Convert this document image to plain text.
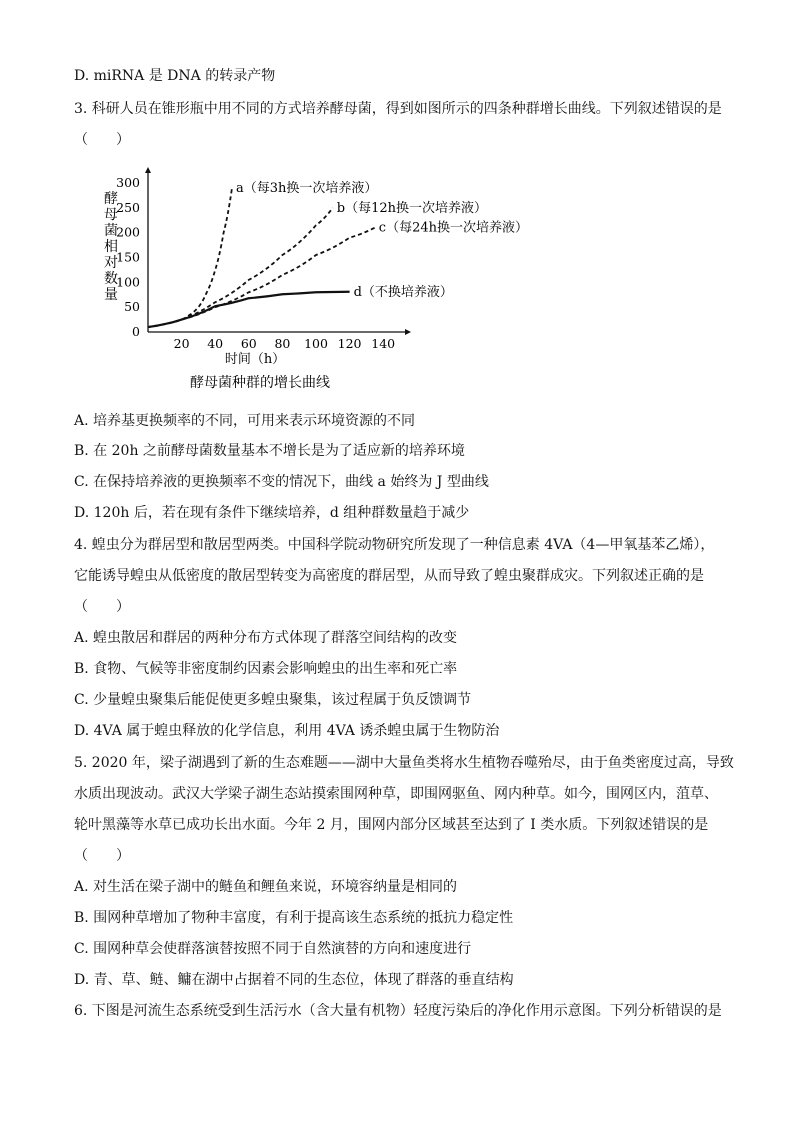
D. miRNA 是 DNA 的转录产物
3. 科研人员在锥形瓶中用不同的方式培养酵母菌，得到如图所示的四条种群增长曲线。下列叙述错误的是
（　　）
A. 培养基更换频率的不同，可用来表示环境资源的不同
B. 在 20h 之前酵母菌数量基本不增长是为了适应新的培养环境
C. 在保持培养液的更换频率不变的情况下，曲线 a 始终为 J 型曲线
D. 120h 后，若在现有条件下继续培养，d 组种群数量趋于减少
4. 蝗虫分为群居型和散居型两类。中国科学院动物研究所发现了一种信息素 4VA（4—甲氧基苯乙烯），
它能诱导蝗虫从低密度的散居型转变为高密度的群居型，从而导致了蝗虫聚群成灾。下列叙述正确的是
（　　）
A. 蝗虫散居和群居的两种分布方式体现了群落空间结构的改变
B. 食物、气候等非密度制约因素会影响蝗虫的出生率和死亡率
C. 少量蝗虫聚集后能促使更多蝗虫聚集，该过程属于负反馈调节
D. 4VA 属于蝗虫释放的化学信息，利用 4VA 诱杀蝗虫属于生物防治
5. 2020 年，梁子湖遇到了新的生态难题——湖中大量鱼类将水生植物吞噬殆尽，由于鱼类密度过高，导致
水质出现波动。武汉大学梁子湖生态站摸索围网种草，即围网驱鱼、网内种草。如今，围网区内，菹草、
轮叶黑藻等水草已成功长出水面。今年 2 月，围网内部分区域甚至达到了 Ⅰ 类水质。下列叙述错误的是
（　　）
A. 对生活在梁子湖中的鲢鱼和鲤鱼来说，环境容纳量是相同的
B. 围网种草增加了物种丰富度，有利于提高该生态系统的抵抗力稳定性
C. 围网种草会使群落演替按照不同于自然演替的方向和速度进行
D. 青、草、鲢、鳙在湖中占据着不同的生态位，体现了群落的垂直结构
6. 下图是河流生态系统受到生活污水（含大量有机物）轻度污染后的净化作用示意图。下列分析错误的是
0
50
100
150
200
250
300
20 40 60 80 100 120 140
a（每3h换一次培养液）
b（每12h换一次培养液）
c（每24h换一次培养液）
d（不换培养液）
酵母菌相对数量
时间（h）
酵母菌种群的增长曲线
